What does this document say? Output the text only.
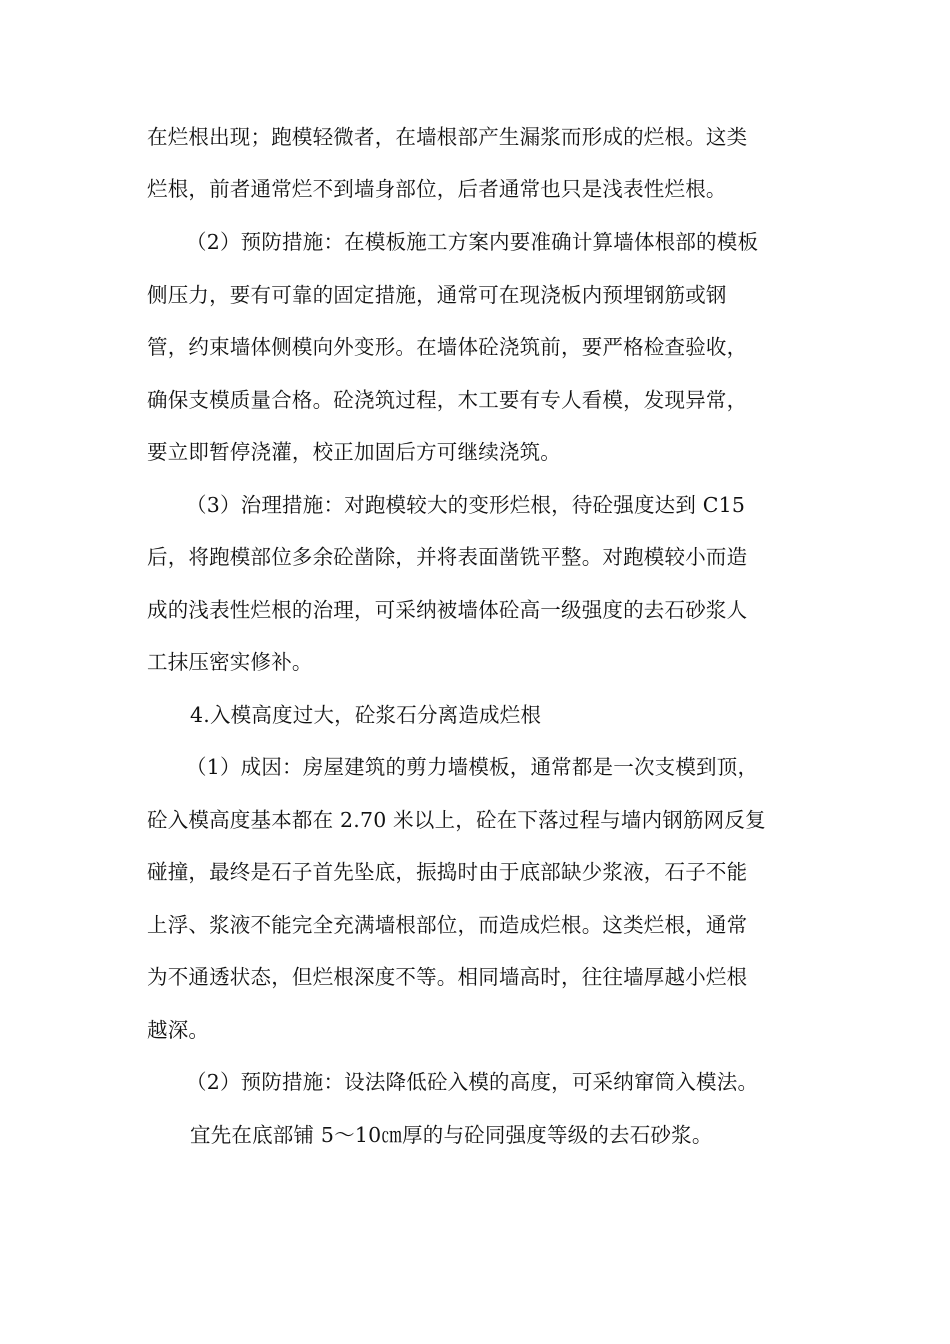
在烂根出现；跑模轻微者，在墙根部产生漏浆而形成的烂根。这类
烂根，前者通常烂不到墙身部位，后者通常也只是浅表性烂根。
（2）预防措施：在模板施工方案内要准确计算墙体根部的模板
侧压力，要有可靠的固定措施，通常可在现浇板内预埋钢筋或钢
管，约束墙体侧模向外变形。在墙体砼浇筑前，要严格检查验收，
确保支模质量合格。砼浇筑过程，木工要有专人看模，发现异常，
要立即暂停浇灌，校正加固后方可继续浇筑。
（3）治理措施：对跑模较大的变形烂根，待砼强度达到 C15
后，将跑模部位多余砼凿除，并将表面凿铣平整。对跑模较小而造
成的浅表性烂根的治理，可采纳被墙体砼高一级强度的去石砂浆人
工抹压密实修补。
4.入模高度过大，砼浆石分离造成烂根
（1）成因：房屋建筑的剪力墙模板，通常都是一次支模到顶，
砼入模高度基本都在 2.70 米以上，砼在下落过程与墙内钢筋网反复
碰撞，最终是石子首先坠底，振捣时由于底部缺少浆液，石子不能
上浮、浆液不能完全充满墙根部位，而造成烂根。这类烂根，通常
为不通透状态，但烂根深度不等。相同墙高时，往往墙厚越小烂根
越深。
（2）预防措施：设法降低砼入模的高度，可采纳窜筒入模法。
宜先在底部铺 5～10㎝厚的与砼同强度等级的去石砂浆。
